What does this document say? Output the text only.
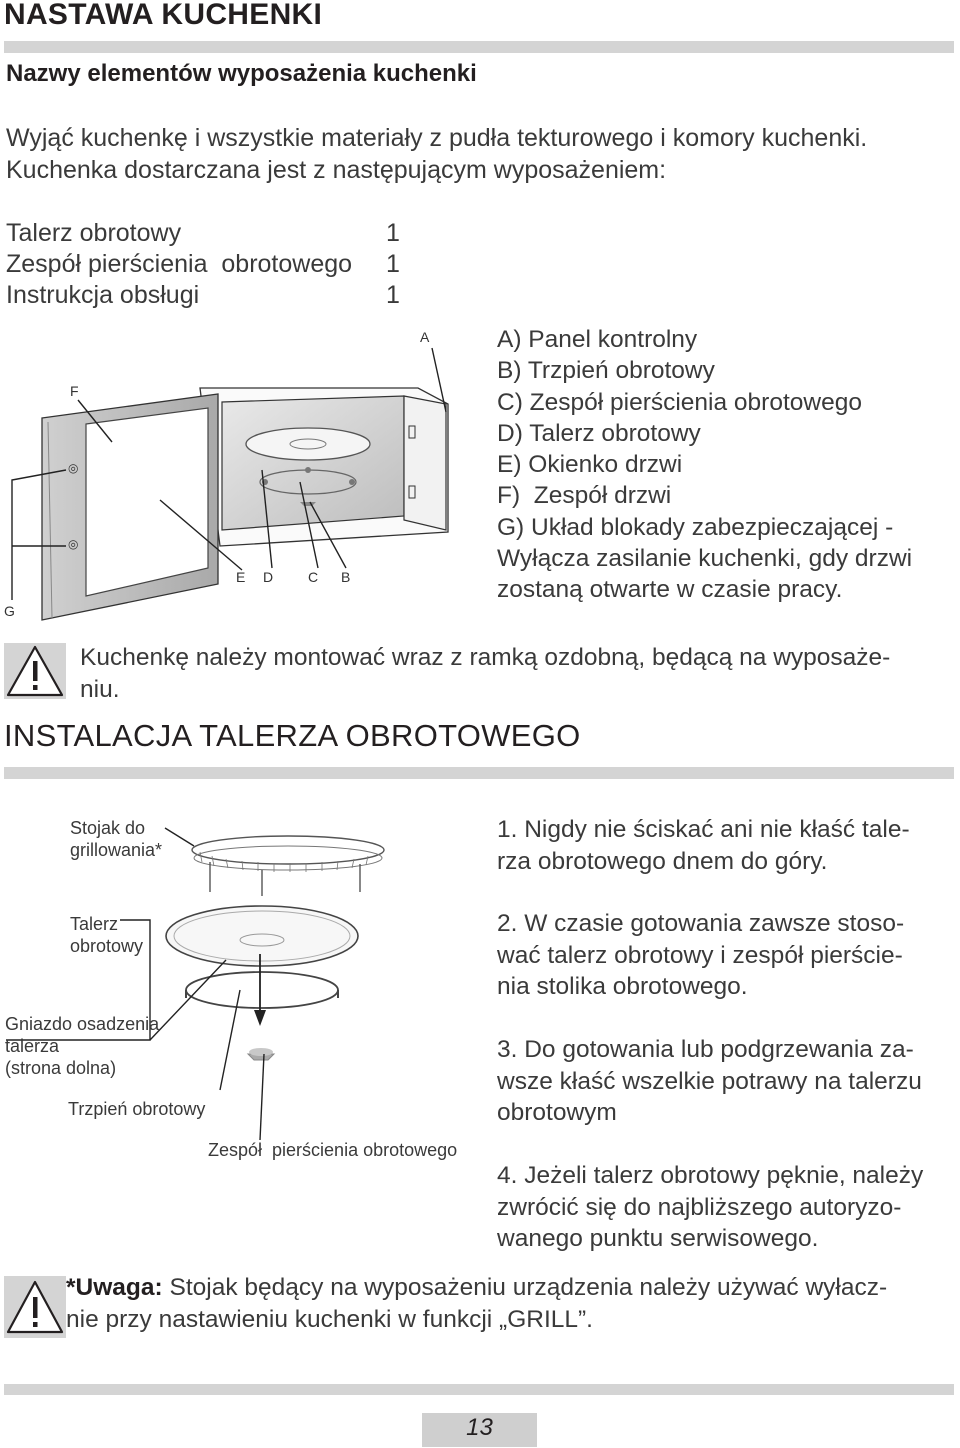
NASTAWA KUCHENKI
Nazwy elementów wyposażenia kuchenki
Wyjąć kuchenkę i wszystkie materiały z pudła tekturowego i komory kuchenki.
Kuchenka dostarczana jest z następującym wyposażeniem:
Talerz obrotowy	1
Zespół pierścienia  obrotowego 1
Instrukcja obsługi	1
◎
◎
A
F
E D C B
G
A) Panel kontrolny
B) Trzpień obrotowy
C) Zespół pierścienia obrotowego
D) Talerz obrotowy
E) Okienko drzwi
F)  Zespół drzwi
G) Układ blokady zabezpieczającej -
Wyłącza zasilanie kuchenki, gdy drzwi
zostaną otwarte w czasie pracy.
Kuchenkę należy montować wraz z ramką ozdobną, będącą na wyposaże-
niu.
INSTALACJA TALERZA OBROTOWEGO
Stojak do
grillowania*
Talerz
obrotowy
Gniazdo osadzenia
talerza
(strona dolna)
Trzpień obrotowy
Zespół  pierścienia obrotowego
1. Nigdy nie ściskać ani nie kłaść tale-
rza obrotowego dnem do góry.
2. W czasie gotowania zawsze stoso-
wać talerz obrotowy i zespół pierście-
nia stolika obrotowego.
3. Do gotowania lub podgrzewania za-
wsze kłaść wszelkie potrawy na talerzu
obrotowym
4. Jeżeli talerz obrotowy pęknie, należy
zwrócić się do najbliższego autoryzo-
wanego punktu serwisowego.
*Uwaga: Stojak będący na wyposażeniu urządzenia należy używać wyłacz-
nie przy nastawieniu kuchenki w funkcji „GRILL”.
13
